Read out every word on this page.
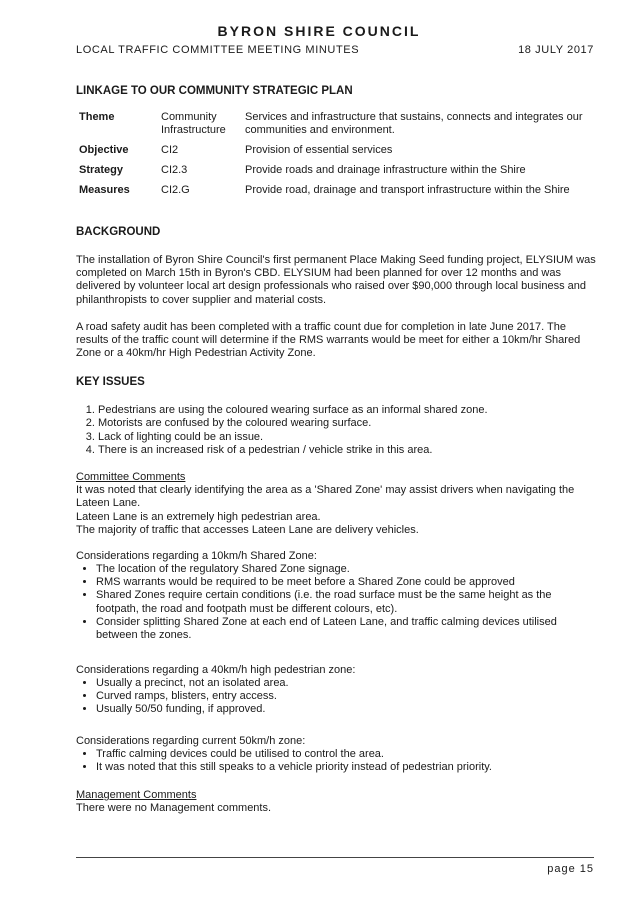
BYRON SHIRE COUNCIL
LOCAL TRAFFIC COMMITTEE MEETING MINUTES	18 JULY 2017
LINKAGE TO OUR COMMUNITY STRATEGIC PLAN
Theme	Community Infrastructure	Services and infrastructure that sustains, connects and integrates our communities and environment.
Objective	CI2	Provision of essential services
Strategy	CI2.3	Provide roads and drainage infrastructure within the Shire
Measures	CI2.G	Provide road, drainage and transport infrastructure within the Shire
BACKGROUND

The installation of Byron Shire Council's first permanent Place Making Seed funding project, ELYSIUM was completed on March 15th in Byron's CBD. ELYSIUM had been planned for over 12 months and was delivered by volunteer local art design professionals who raised over $90,000 through local business and philanthropists to cover supplier and material costs.

A road safety audit has been completed with a traffic count due for completion in late June 2017. The results of the traffic count will determine if the RMS warrants would be meet for either a 10km/hr Shared Zone or a 40km/hr High Pedestrian Activity Zone.

KEY ISSUES
1. Pedestrians are using the coloured wearing surface as an informal shared zone.
2. Motorists are confused by the coloured wearing surface.
3. Lack of lighting could be an issue.
4. There is an increased risk of a pedestrian / vehicle strike in this area.
Committee Comments
It was noted that clearly identifying the area as a 'Shared Zone' may assist drivers when navigating the Lateen Lane.
Lateen Lane is an extremely high pedestrian area.
The majority of traffic that accesses Lateen Lane are delivery vehicles.
Considerations regarding a 10km/h Shared Zone:
• The location of the regulatory Shared Zone signage.
• RMS warrants would be required to be meet before a Shared Zone could be approved
• Shared Zones require certain conditions (i.e. the road surface must be the same height as the footpath, the road and footpath must be different colours, etc).
• Consider splitting Shared Zone at each end of Lateen Lane, and traffic calming devices utilised between the zones.
Considerations regarding a 40km/h high pedestrian zone:
• Usually a precinct, not an isolated area.
• Curved ramps, blisters, entry access.
• Usually 50/50 funding, if approved.
Considerations regarding current 50km/h zone:
• Traffic calming devices could be utilised to control the area.
• It was noted that this still speaks to a vehicle priority instead of pedestrian priority.
Management Comments
There were no Management comments.
page 15
